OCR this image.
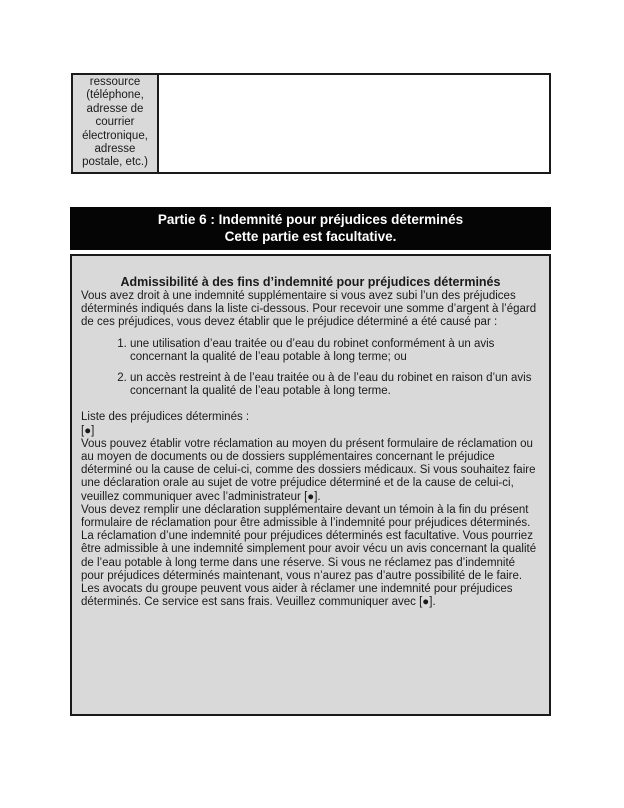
ressource (téléphone, adresse de courrier électronique, adresse postale, etc.)
Partie 6 : Indemnité pour préjudices déterminés
Cette partie est facultative.
Admissibilité à des fins d’indemnité pour préjudices déterminés

Vous avez droit à une indemnité supplémentaire si vous avez subi l’un des préjudices déterminés indiqués dans la liste ci-dessous. Pour recevoir une somme d’argent à l’égard de ces préjudices, vous devez établir que le préjudice déterminé a été causé par :

1. une utilisation d’eau traitée ou d’eau du robinet conformément à un avis concernant la qualité de l’eau potable à long terme; ou
2. un accès restreint à de l’eau traitée ou à de l’eau du robinet en raison d’un avis concernant la qualité de l’eau potable à long terme.
Liste des préjudices déterminés :
[●]

Vous pouvez établir votre réclamation au moyen du présent formulaire de réclamation ou au moyen de documents ou de dossiers supplémentaires concernant le préjudice déterminé ou la cause de celui-ci, comme des dossiers médicaux. Si vous souhaitez faire une déclaration orale au sujet de votre préjudice déterminé et de la cause de celui-ci, veuillez communiquer avec l’administrateur [●].

Vous devez remplir une déclaration supplémentaire devant un témoin à la fin du présent formulaire de réclamation pour être admissible à l’indemnité pour préjudices déterminés.

La réclamation d’une indemnité pour préjudices déterminés est facultative. Vous pourriez être admissible à une indemnité simplement pour avoir vécu un avis concernant la qualité de l’eau potable à long terme dans une réserve. Si vous ne réclamez pas d’indemnité pour préjudices déterminés maintenant, vous n’aurez pas d’autre possibilité de le faire.

Les avocats du groupe peuvent vous aider à réclamer une indemnité pour préjudices déterminés. Ce service est sans frais. Veuillez communiquer avec [●].
